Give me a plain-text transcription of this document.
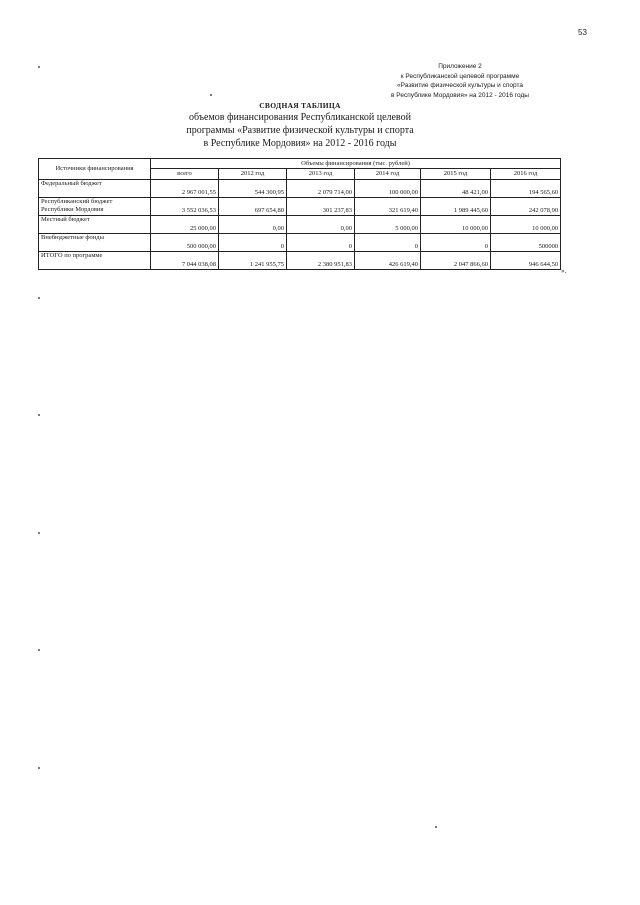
53
Приложение 2
к Республиканской целевой программе
«Развитие физической культуры и спорта
в Республике Мордовия» на 2012 - 2016 годы
СВОДНАЯ ТАБЛИЦА
объемов финансирования Республиканской целевой
программы «Развитие физической культуры и спорта
в Республике Мордовия» на 2012 - 2016 годы
Источники финансирования	Объемы финансирования (тыс. рублей)					
	всего	2012 год	2013 год	2014 год	2015 год	2016 год

Федеральный бюджет	2 967 001,55	544 300,95	2 079 714,00	100 000,00	48 421,00	194 565,60

Республиканский бюджет
Республики Мордовия	3 552 036,53	697 654,80	301 237,83	321 619,40	1 989 445,60	242 078,90

Местный бюджет	25 000,00	0,00	0,00	5 000,00	10 000,00	10 000,00

Внебюджетные фонды	500 000,00	0	0	0	0	500000

ИТОГО по программе	7 044 038,08	1 241 955,75	2 380 951,83	426 619,40	2 047 866,60	946 644,50
».
